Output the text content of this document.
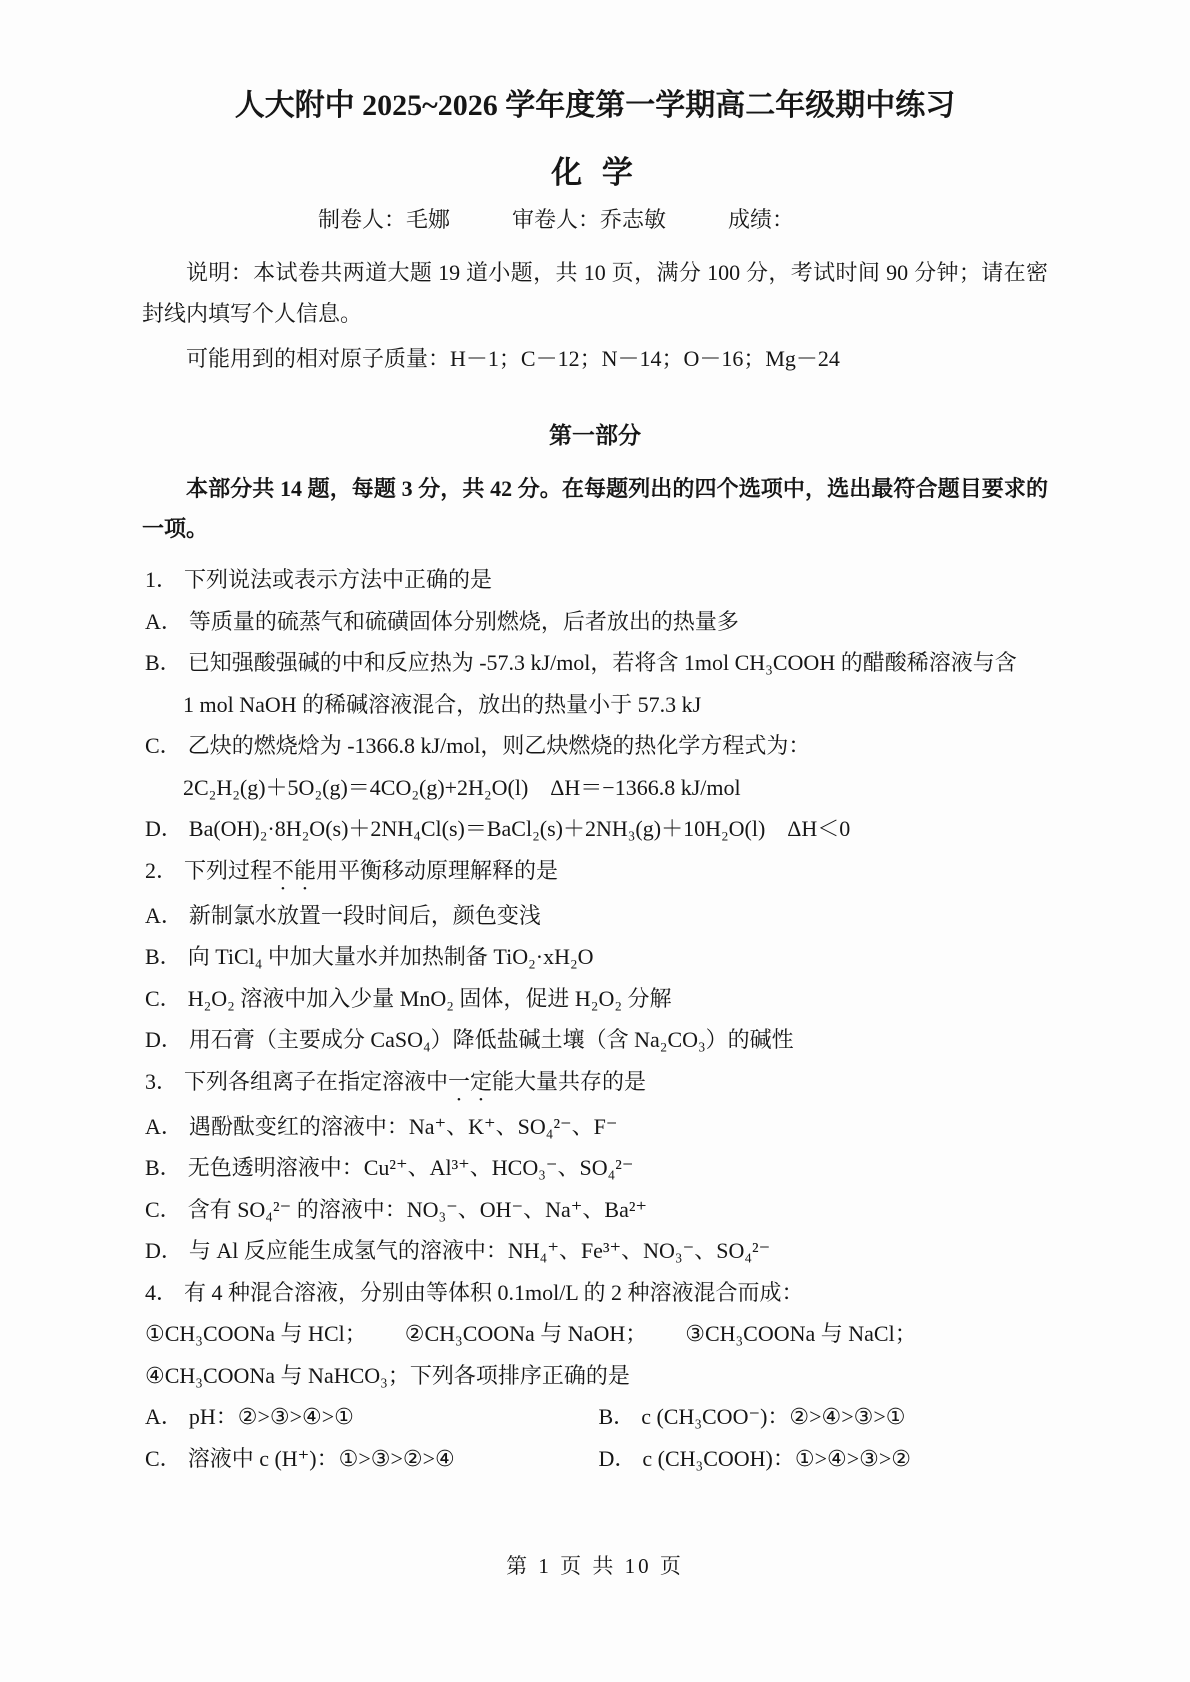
人大附中 2025~2026 学年度第一学期高二年级期中练习
化 学
制卷人：毛娜	审卷人：乔志敏	成绩：

说明：本试卷共两道大题 19 道小题，共 10 页，满分 100 分，考试时间 90 分钟；请在密封线内填写个人信息。

可能用到的相对原子质量：H－1；C－12；N－14；O－16；Mg－24

第一部分

本部分共 14 题，每题 3 分，共 42 分。在每题列出的四个选项中，选出最符合题目要求的一项。

1． 下列说法或表示方法中正确的是
A． 等质量的硫蒸气和硫磺固体分别燃烧，后者放出的热量多
B． 已知强酸强碱的中和反应热为 -57.3 kJ/mol，若将含 1mol CH₃COOH 的醋酸稀溶液与含
1 mol NaOH 的稀碱溶液混合，放出的热量小于 57.3 kJ
C． 乙炔的燃烧焓为 -1366.8 kJ/mol，则乙炔燃烧的热化学方程式为：
2C₂H₂(g)＋5O₂(g)＝4CO₂(g)+2H₂O(l)　ΔH＝−1366.8 kJ/mol
D． Ba(OH)₂·8H₂O(s)＋2NH₄Cl(s)＝BaCl₂(s)＋2NH₃(g)＋10H₂O(l)　ΔH＜0
2． 下列过程不能用平衡移动原理解释的是
A． 新制氯水放置一段时间后，颜色变浅
B． 向 TiCl₄ 中加大量水并加热制备 TiO₂·xH₂O
C． H₂O₂ 溶液中加入少量 MnO₂ 固体，促进 H₂O₂ 分解
D． 用石膏（主要成分 CaSO₄）降低盐碱土壤（含 Na₂CO₃）的碱性
3． 下列各组离子在指定溶液中一定能大量共存的是
A． 遇酚酞变红的溶液中：Na⁺、K⁺、SO₄²⁻、F⁻
B． 无色透明溶液中：Cu²⁺、Al³⁺、HCO₃⁻、SO₄²⁻
C． 含有 SO₄²⁻ 的溶液中：NO₃⁻、OH⁻、Na⁺、Ba²⁺
D． 与 Al 反应能生成氢气的溶液中：NH₄⁺、Fe³⁺、NO₃⁻、SO₄²⁻
4． 有 4 种混合溶液，分别由等体积 0.1mol/L 的 2 种溶液混合而成：
①CH₃COONa 与 HCl； ②CH₃COONa 与 NaOH； ③CH₃COONa 与 NaCl；
④CH₃COONa 与 NaHCO₃；下列各项排序正确的是
A． pH：②>③>④>①	B． c (CH₃COO⁻)：②>④>③>①
C． 溶液中 c (H⁺)：①>③>②>④	D． c (CH₃COOH)：①>④>③>②
第 1 页 共 10 页
